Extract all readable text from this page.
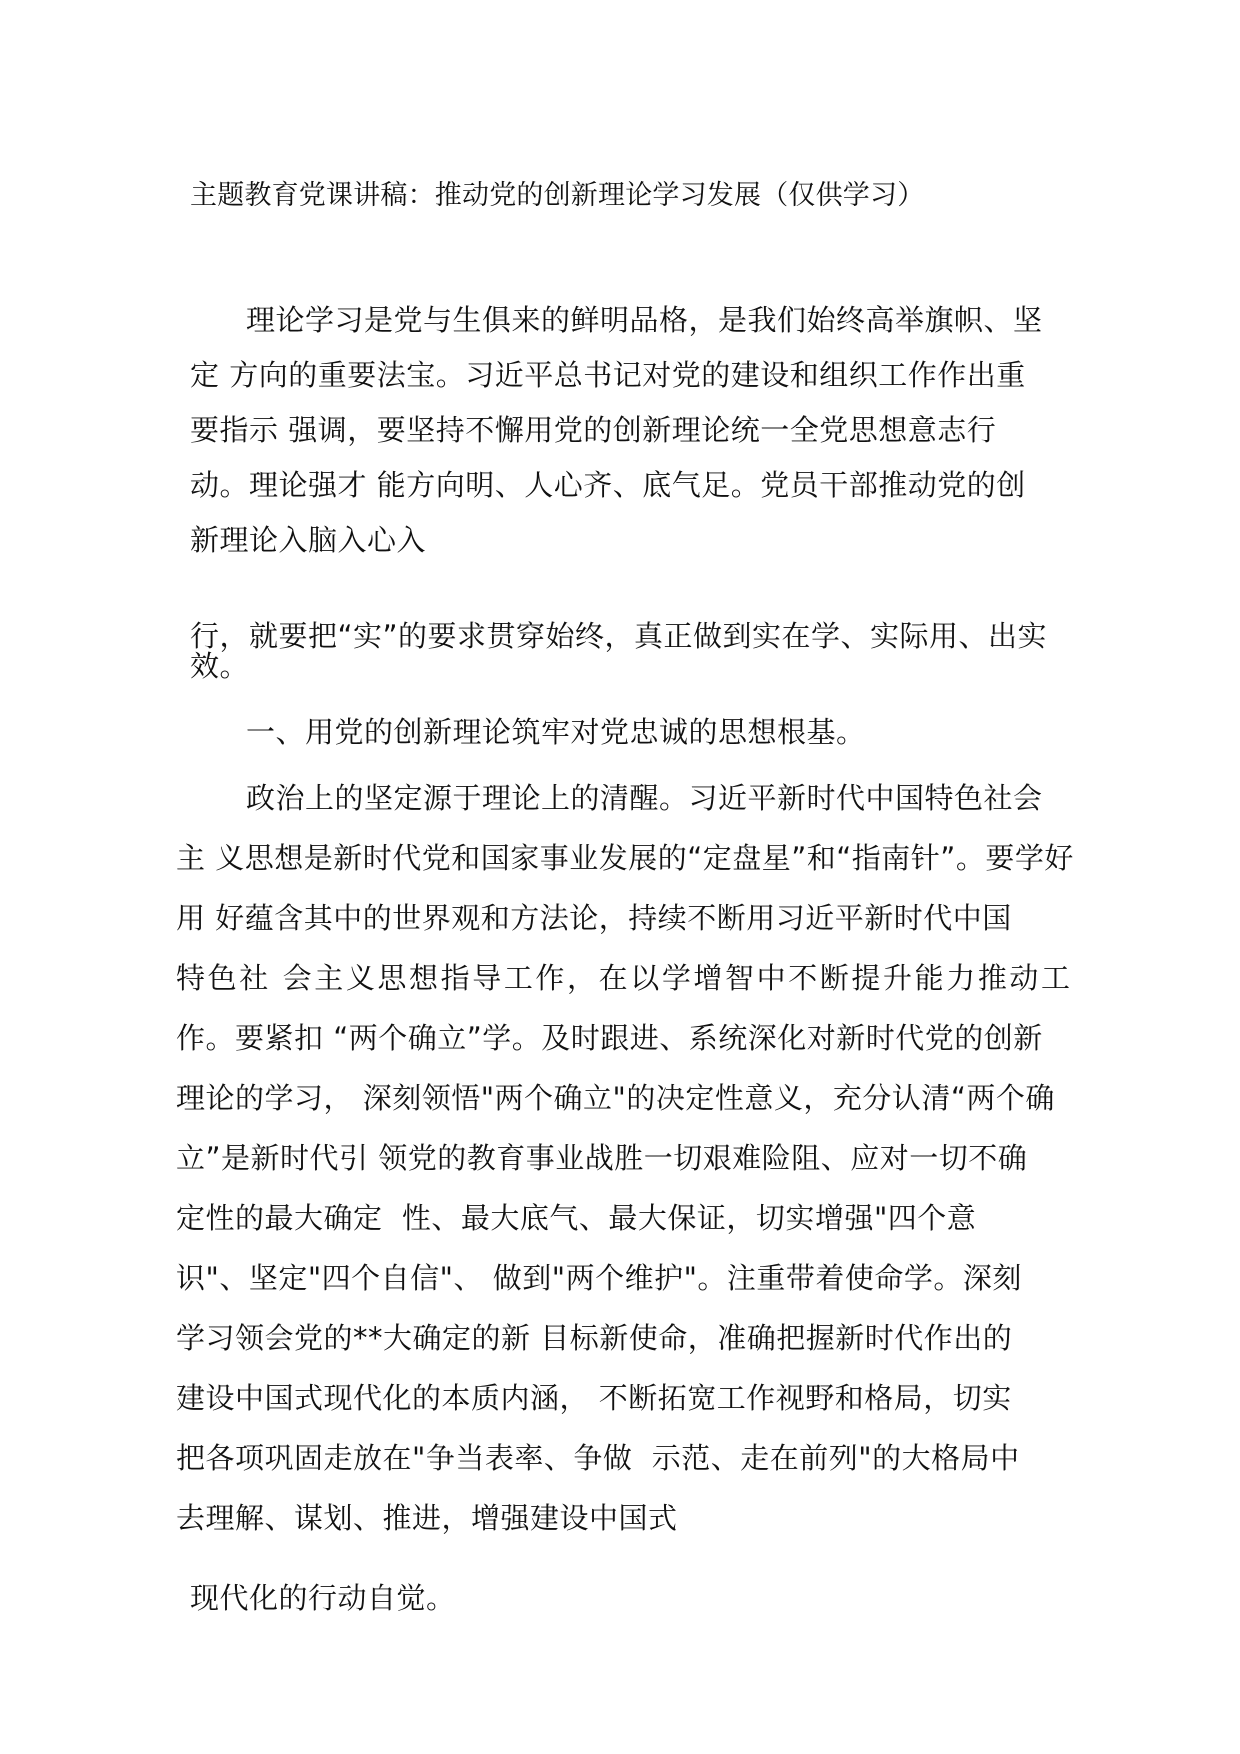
主题教育党课讲稿：推动党的创新理论学习发展（仅供学习）

理论学习是党与生俱来的鲜明品格，是我们始终高举旗帜、坚

定 方向的重要法宝。习近平总书记对党的建设和组织工作作出重

要指示 强调，要坚持不懈用党的创新理论统一全党思想意志行

动。理论强才 能方向明、人心齐、底气足。党员干部推动党的创

新理论入脑入心入

行，就要把“实”的要求贯穿始终，真正做到实在学、实际用、出实

效。

一、用党的创新理论筑牢对党忠诚的思想根基。

政治上的坚定源于理论上的清醒。习近平新时代中国特色社会

主 义思想是新时代党和国家事业发展的“定盘星”和“指南针”。要学好

用 好蕴含其中的世界观和方法论，持续不断用习近平新时代中国

特色社 会主义思想指导工作，在以学增智中不断提升能力推动工

作。要紧扣 “两个确立”学。及时跟进、系统深化对新时代党的创新

理论的学习， 深刻领悟"两个确立"的决定性意义，充分认清“两个确

立”是新时代引 领党的教育事业战胜一切艰难险阻、应对一切不确

定性的最大确定  性、最大底气、最大保证，切实增强"四个意

识"、坚定"四个自信"、 做到"两个维护"。注重带着使命学。深刻

学习领会党的**大确定的新 目标新使命，准确把握新时代作出的

建设中国式现代化的本质内涵， 不断拓宽工作视野和格局，切实

把各项巩固走放在"争当表率、争做  示范、走在前列"的大格局中

去理解、谋划、推进，增强建设中国式

现代化的行动自觉。
